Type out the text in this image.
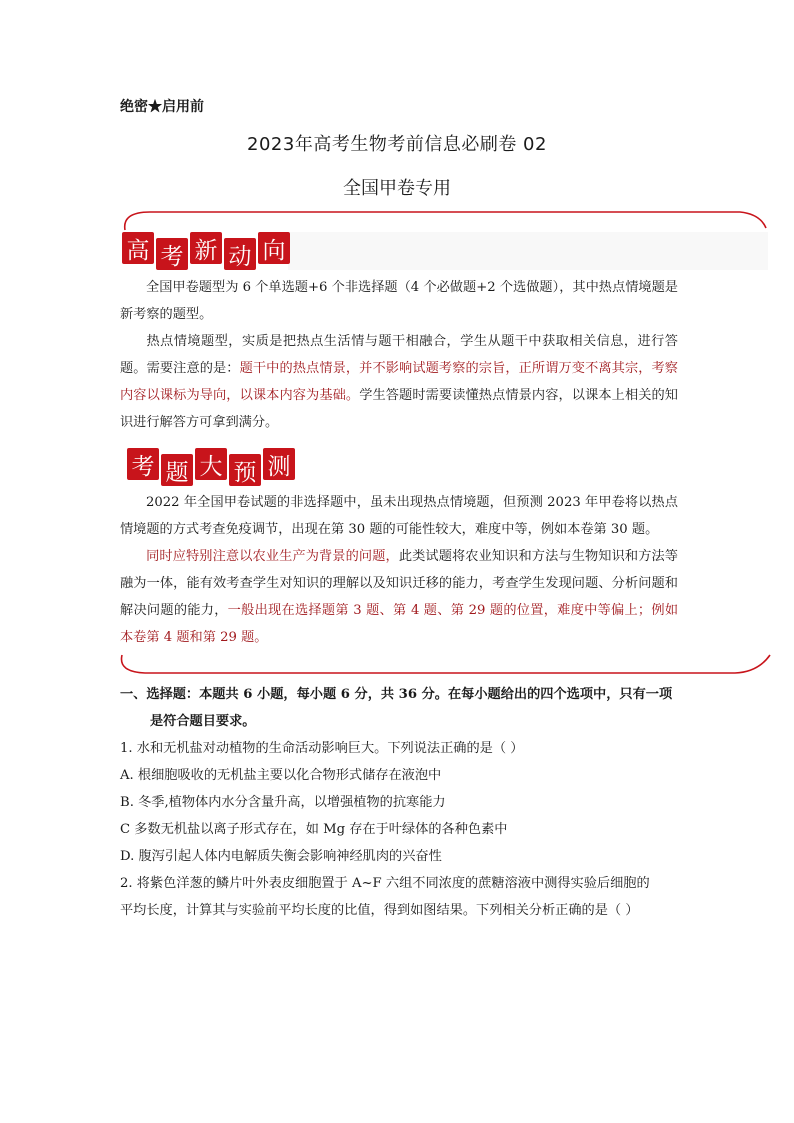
绝密★启用前
2023年高考生物考前信息必刷卷 02
全国甲卷专用
高 考 新 动 向
全国甲卷题型为 6 个单选题+6 个非选择题（4 个必做题+2 个选做题），其中热点情境题是新考察的题型。
热点情境题型，实质是把热点生活情与题干相融合，学生从题干中获取相关信息，进行答题。需要注意的是：题干中的热点情景，并不影响试题考察的宗旨，正所谓万变不离其宗，考察内容以课标为导向，以课本内容为基础。学生答题时需要读懂热点情景内容，以课本上相关的知识进行解答方可拿到满分。
考 题 大 预 测
2022 年全国甲卷试题的非选择题中，虽未出现热点情境题，但预测 2023 年甲卷将以热点情境题的方式考查免疫调节，出现在第 30 题的可能性较大，难度中等，例如本卷第 30 题。
同时应特别注意以农业生产为背景的问题，此类试题将农业知识和方法与生物知识和方法等融为一体，能有效考查学生对知识的理解以及知识迁移的能力，考查学生发现问题、分析问题和解决问题的能力，一般出现在选择题第 3 题、第 4 题、第 29 题的位置，难度中等偏上；例如本卷第 4 题和第 29 题。
一、选择题：本题共 6 小题，每小题 6 分，共 36 分。在每小题给出的四个选项中，只有一项
是符合题目要求。
1. 水和无机盐对动植物的生命活动影响巨大。下列说法正确的是（ ）
A. 根细胞吸收的无机盐主要以化合物形式储存在液泡中
B. 冬季,植物体内水分含量升高，以增强植物的抗寒能力
C 多数无机盐以离子形式存在，如 Mg 存在于叶绿体的各种色素中
D. 腹泻引起人体内电解质失衡会影响神经肌肉的兴奋性
2. 将紫色洋葱的鳞片叶外表皮细胞置于 A~F 六组不同浓度的蔗糖溶液中测得实验后细胞的
平均长度，计算其与实验前平均长度的比值，得到如图结果。下列相关分析正确的是（ ）
